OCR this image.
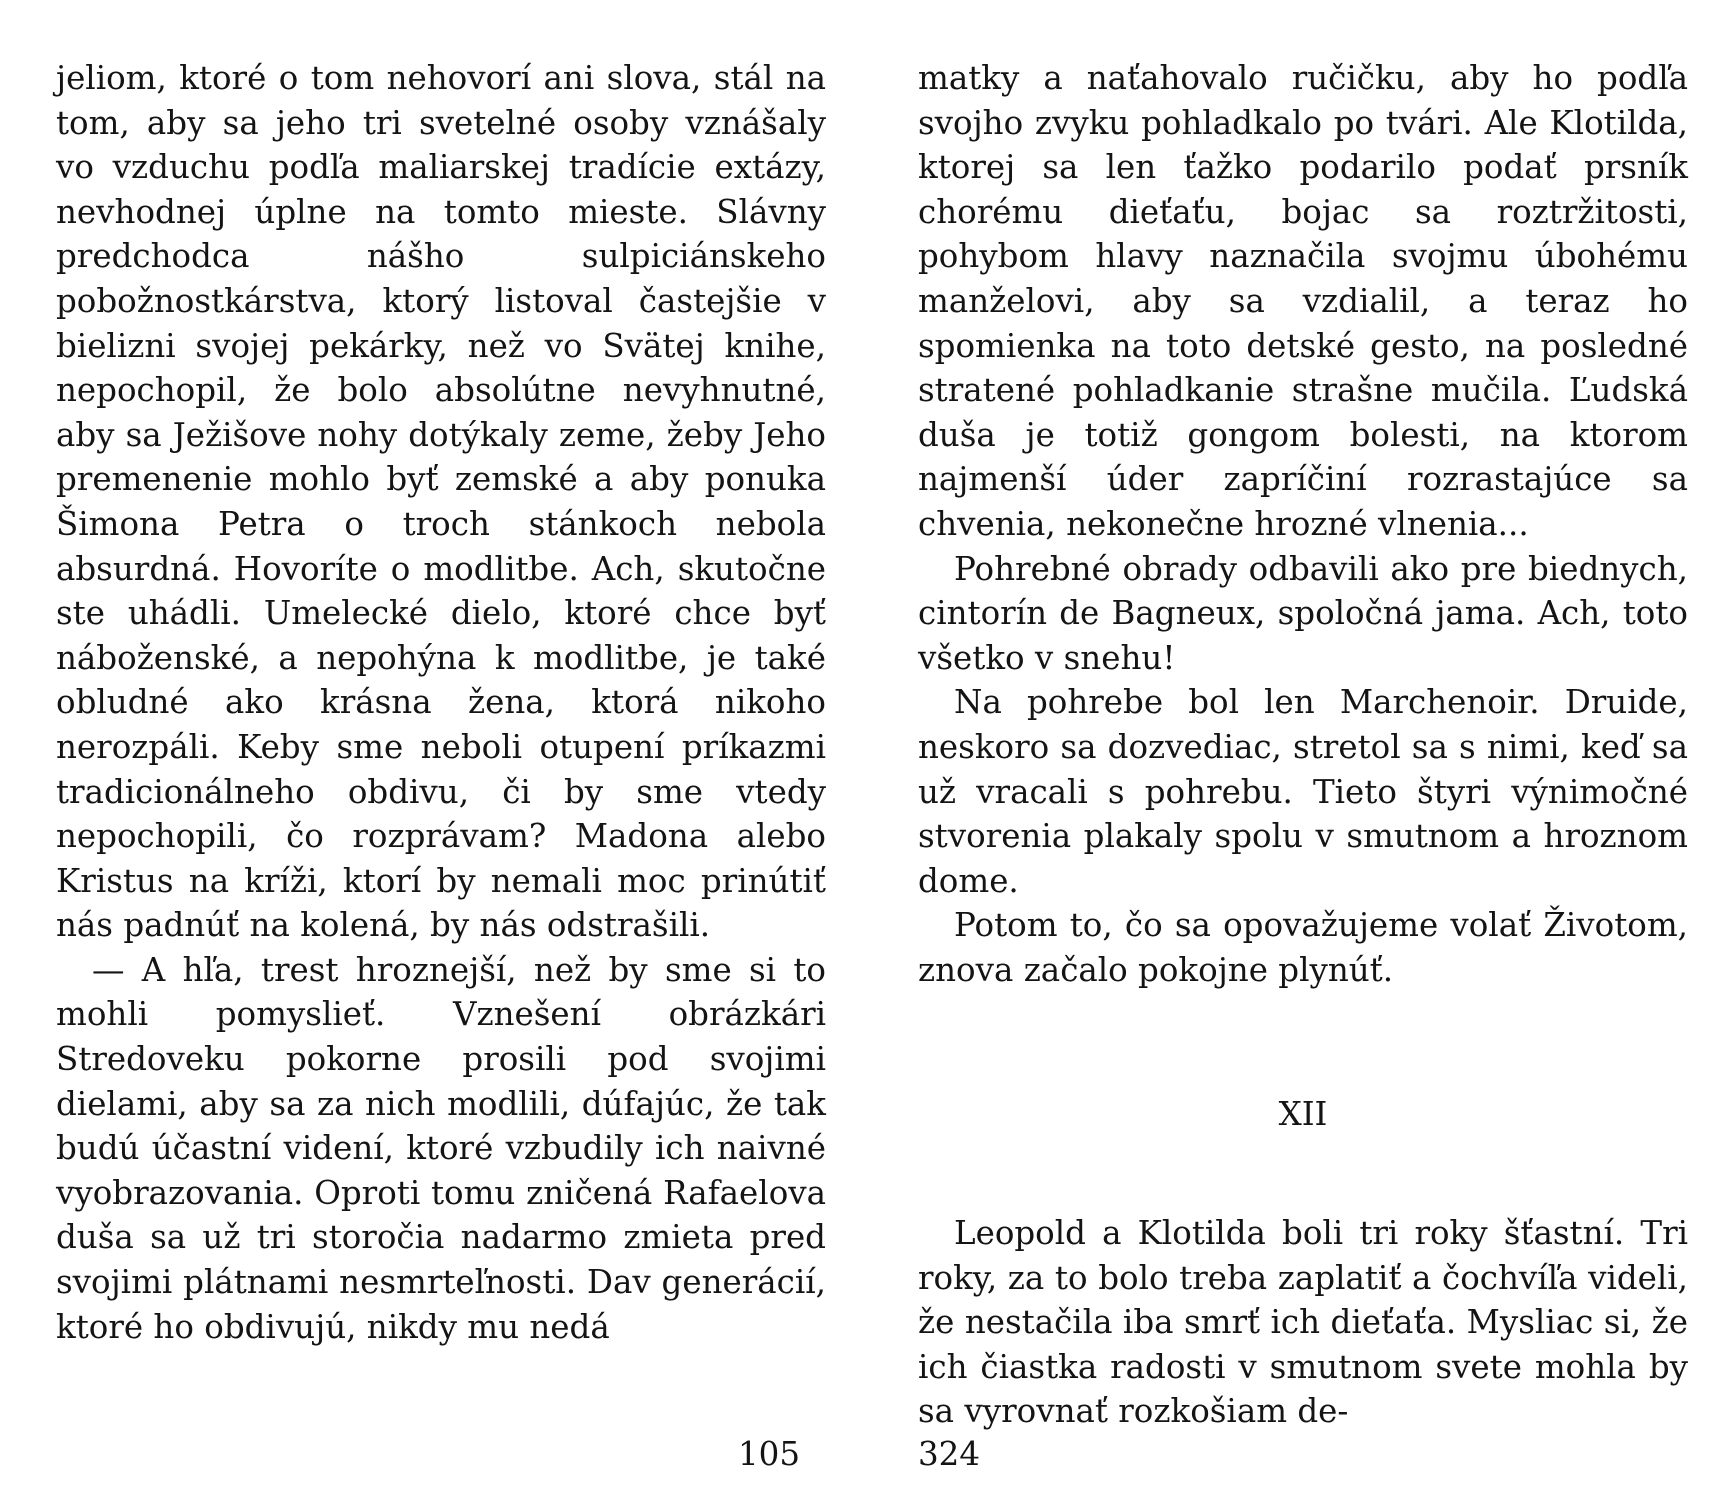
jeliom, ktoré o tom nehovorí ani slova, stál na tom, aby sa jeho tri svetelné osoby vznášaly vo vzduchu podľa maliarskej tradície extázy, nevhodnej úplne na tomto mieste. Slávny predchodca nášho sulpiciánskeho pobožnostkárstva, ktorý listoval častejšie v bielizni svojej pekárky, než vo Svätej knihe, nepochopil, že bolo absolútne nevyhnutné, aby sa Ježišove nohy dotýkaly zeme, žeby Jeho premenenie mohlo byť zemské a aby ponuka Šimona Petra o troch stánkoch nebola absurdná. Hovoríte o modlitbe. Ach, skutočne ste uhádli. Umelecké dielo, ktoré chce byť náboženské, a nepohýna k modlitbe, je také obludné ako krásna žena, ktorá nikoho nerozpáli. Keby sme neboli otupení príkazmi tradicionálneho obdivu, či by sme vtedy nepochopili, čo rozprávam? Madona alebo Kristus na kríži, ktorí by nemali moc prinútiť nás padnúť na kolená, by nás odstrašili.

— A hľa, trest hroznejší, než by sme si to mohli pomyslieť. Vznešení obrázkári Stredoveku pokorne prosili pod svojimi dielami, aby sa za nich modlili, dúfajúc, že tak budú účastní videní, ktoré vzbudily ich naivné vyobrazovania. Oproti tomu zničená Rafaelova duša sa už tri storočia nadarmo zmieta pred svojimi plátnami nesmrteľnosti. Dav generácií, ktoré ho obdivujú, nikdy mu nedá

matky a naťahovalo ručičku, aby ho podľa svojho zvyku pohladkalo po tvári. Ale Klotilda, ktorej sa len ťažko podarilo podať prsník chorému dieťaťu, bojac sa roztržitosti, pohybom hlavy naznačila svojmu úbohému manželovi, aby sa vzdialil, a teraz ho spomienka na toto detské gesto, na posledné stratené pohladkanie strašne mučila. Ľudská duša je totiž gongom bolesti, na ktorom najmenší úder zapríčiní rozrastajúce sa chvenia, nekonečne hrozné vlnenia...

Pohrebné obrady odbavili ako pre biednych, cintorín de Bagneux, spoločná jama. Ach, toto všetko v snehu!

Na pohrebe bol len Marchenoir. Druide, neskoro sa dozvediac, stretol sa s nimi, keď sa už vracali s pohrebu. Tieto štyri výnimočné stvorenia plakaly spolu v smutnom a hroznom dome.

Potom to, čo sa opovažujeme volať Životom, znova začalo pokojne plynúť.

XII

Leopold a Klotilda boli tri roky šťastní. Tri roky, za to bolo treba zaplatiť a čochvíľa videli, že nestačila iba smrť ich dieťaťa. Mysliac si, že ich čiastka radosti v smutnom svete mohla by sa vyrovnať rozkošiam de-

105	324
